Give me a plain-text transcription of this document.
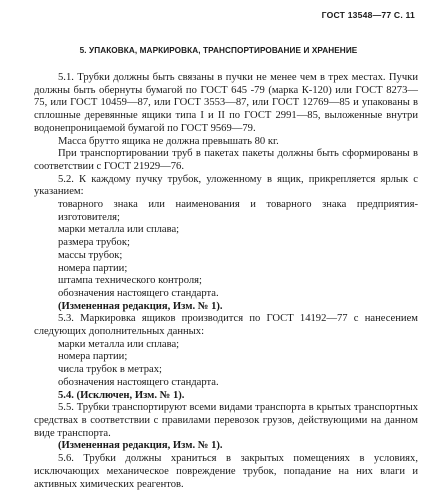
ГОСТ 13548—77 С. 11
5. УПАКОВКА, МАРКИРОВКА, ТРАНСПОРТИРОВАНИЕ И ХРАНЕНИЕ

5.1. Трубки должны быть связаны в пучки не менее чем в трех местах. Пучки должны быть обернуты бумагой по ГОСТ 645 -79 (марка К-120) или ГОСТ 8273—75, или ГОСТ 10459—87, или ГОСТ 3553—87, или ГОСТ 12769—85 и упакованы в сплошные деревянные ящики типа I и II по ГОСТ 2991—85, выложенные внутри водонепроницаемой бумагой по ГОСТ 9569—79.

Масса брутто ящика не должна превышать 80 кг.

При транспортировании труб в пакетах пакеты должны быть сформированы в соответствии с ГОСТ 21929—76.

5.2. К каждому пучку трубок, уложенному в ящик, прикрепляется ярлык с указанием:

товарного знака или наименования и товарного знака предприятия-изготовителя;

марки металла или сплава;

размера трубок;

массы трубок;

номера партии;

штампа технического контроля;

обозначения настоящего стандарта.

(Измененная редакция, Изм. № 1).

5.3. Маркировка ящиков производится по ГОСТ 14192—77 с нанесением следующих дополнительных данных:

марки металла или сплава;

номера партии;

числа трубок в метрах;

обозначения настоящего стандарта.

5.4. (Исключен, Изм. № 1).

5.5. Трубки транспортируют всеми видами транспорта в крытых транспортных средствах в соответствии с правилами перевозок грузов, действующими на данном виде транспорта.

(Измененная редакция, Изм. № 1).

5.6. Трубки должны храниться в закрытых помещениях в условиях, исключающих механическое повреждение трубок, попадание на них влаги и активных химических реагентов.
